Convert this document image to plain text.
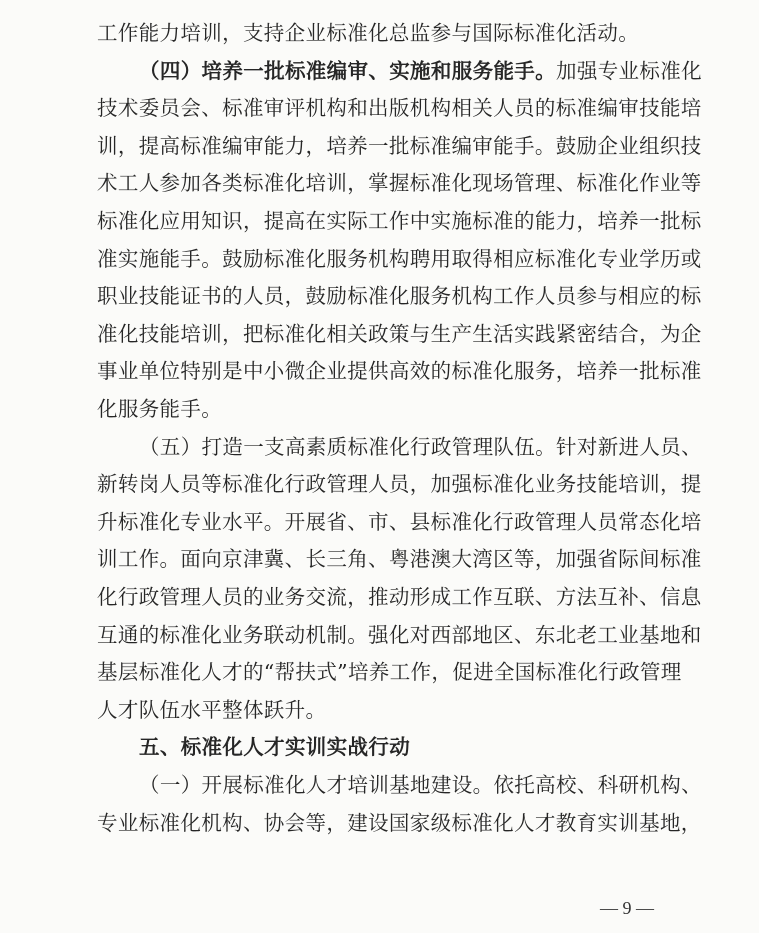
工作能力培训，支持企业标准化总监参与国际标准化活动。
（四）培养一批标准编审、实施和服务能手。加强专业标准化
技术委员会、标准审评机构和出版机构相关人员的标准编审技能培
训，提高标准编审能力，培养一批标准编审能手。鼓励企业组织技
术工人参加各类标准化培训，掌握标准化现场管理、标准化作业等
标准化应用知识，提高在实际工作中实施标准的能力，培养一批标
准实施能手。鼓励标准化服务机构聘用取得相应标准化专业学历或
职业技能证书的人员，鼓励标准化服务机构工作人员参与相应的标
准化技能培训，把标准化相关政策与生产生活实践紧密结合，为企
事业单位特别是中小微企业提供高效的标准化服务，培养一批标准
化服务能手。
（五）打造一支高素质标准化行政管理队伍。针对新进人员、
新转岗人员等标准化行政管理人员，加强标准化业务技能培训，提
升标准化专业水平。开展省、市、县标准化行政管理人员常态化培
训工作。面向京津冀、长三角、粤港澳大湾区等，加强省际间标准
化行政管理人员的业务交流，推动形成工作互联、方法互补、信息
互通的标准化业务联动机制。强化对西部地区、东北老工业基地和
基层标准化人才的“帮扶式”培养工作，促进全国标准化行政管理
人才队伍水平整体跃升。
五、标准化人才实训实战行动
（一）开展标准化人才培训基地建设。依托高校、科研机构、
— 9 —
专业标准化机构、协会等，建设国家级标准化人才教育实训基地，
